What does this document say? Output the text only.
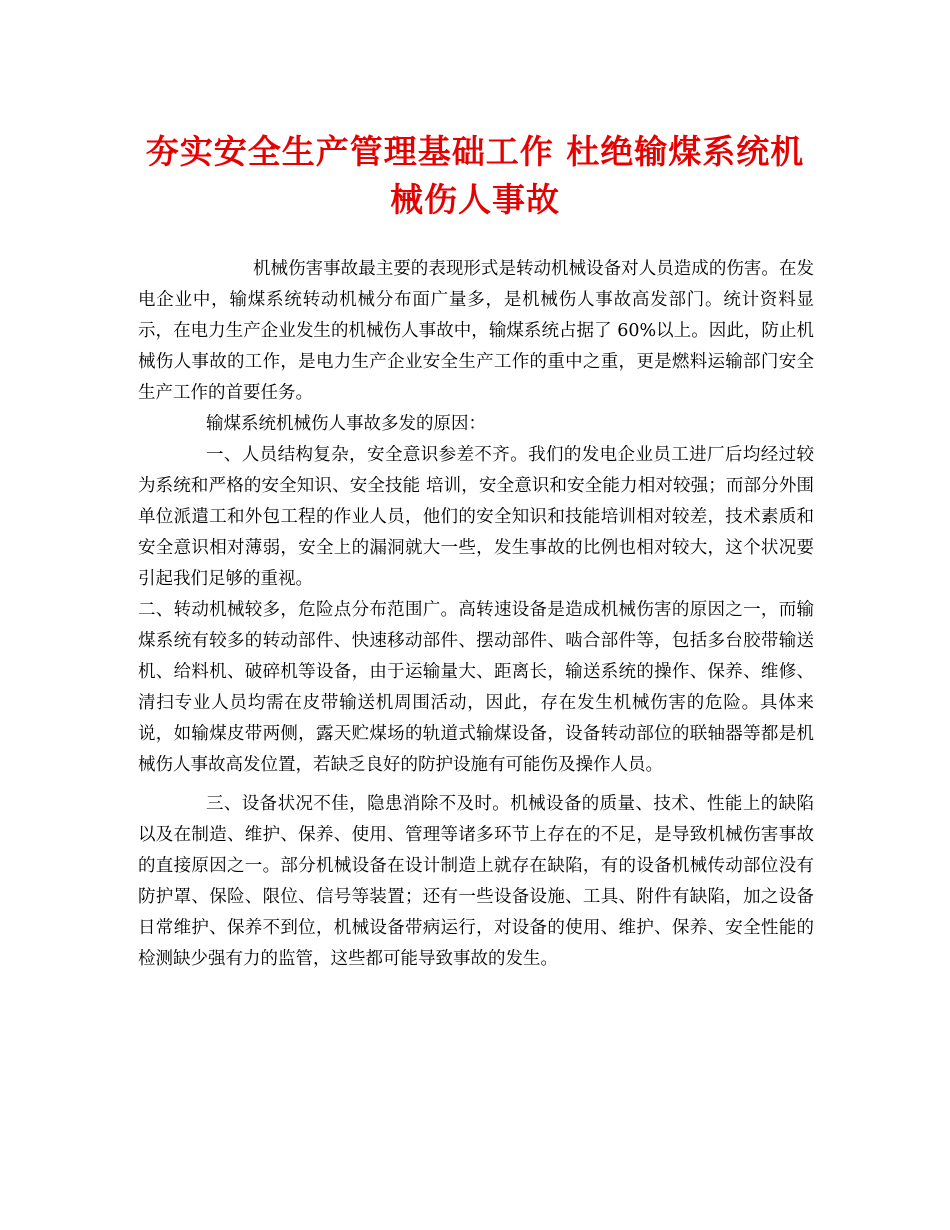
夯实安全生产管理基础工作 杜绝输煤系统机械伤人事故

机械伤害事故最主要的表现形式是转动机械设备对人员造成的伤害。在发电企业中，输煤系统转动机械分布面广量多，是机械伤人事故高发部门。统计资料显示，在电力生产企业发生的机械伤人事故中，输煤系统占据了 60%以上。因此，防止机械伤人事故的工作，是电力生产企业安全生产工作的重中之重，更是燃料运输部门安全生产工作的首要任务。

输煤系统机械伤人事故多发的原因：

一、人员结构复杂，安全意识参差不齐。我们的发电企业员工进厂后均经过较为系统和严格的安全知识、安全技能 培训，安全意识和安全能力相对较强；而部分外围单位派遣工和外包工程的作业人员，他们的安全知识和技能培训相对较差，技术素质和安全意识相对薄弱，安全上的漏洞就大一些，发生事故的比例也相对较大，这个状况要引起我们足够的重视。

二、转动机械较多，危险点分布范围广。高转速设备是造成机械伤害的原因之一，而输煤系统有较多的转动部件、快速移动部件、摆动部件、啮合部件等，包括多台胶带输送机、给料机、破碎机等设备，由于运输量大、距离长，输送系统的操作、保养、维修、清扫专业人员均需在皮带输送机周围活动，因此，存在发生机械伤害的危险。具体来说，如输煤皮带两侧，露天贮煤场的轨道式输煤设备，设备转动部位的联轴器等都是机械伤人事故高发位置，若缺乏良好的防护设施有可能伤及操作人员。

三、设备状况不佳，隐患消除不及时。机械设备的质量、技术、性能上的缺陷以及在制造、维护、保养、使用、管理等诸多环节上存在的不足，是导致机械伤害事故的直接原因之一。部分机械设备在设计制造上就存在缺陷，有的设备机械传动部位没有防护罩、保险、限位、信号等装置；还有一些设备设施、工具、附件有缺陷，加之设备日常维护、保养不到位，机械设备带病运行，对设备的使用、维护、保养、安全性能的检测缺少强有力的监管，这些都可能导致事故的发生。
